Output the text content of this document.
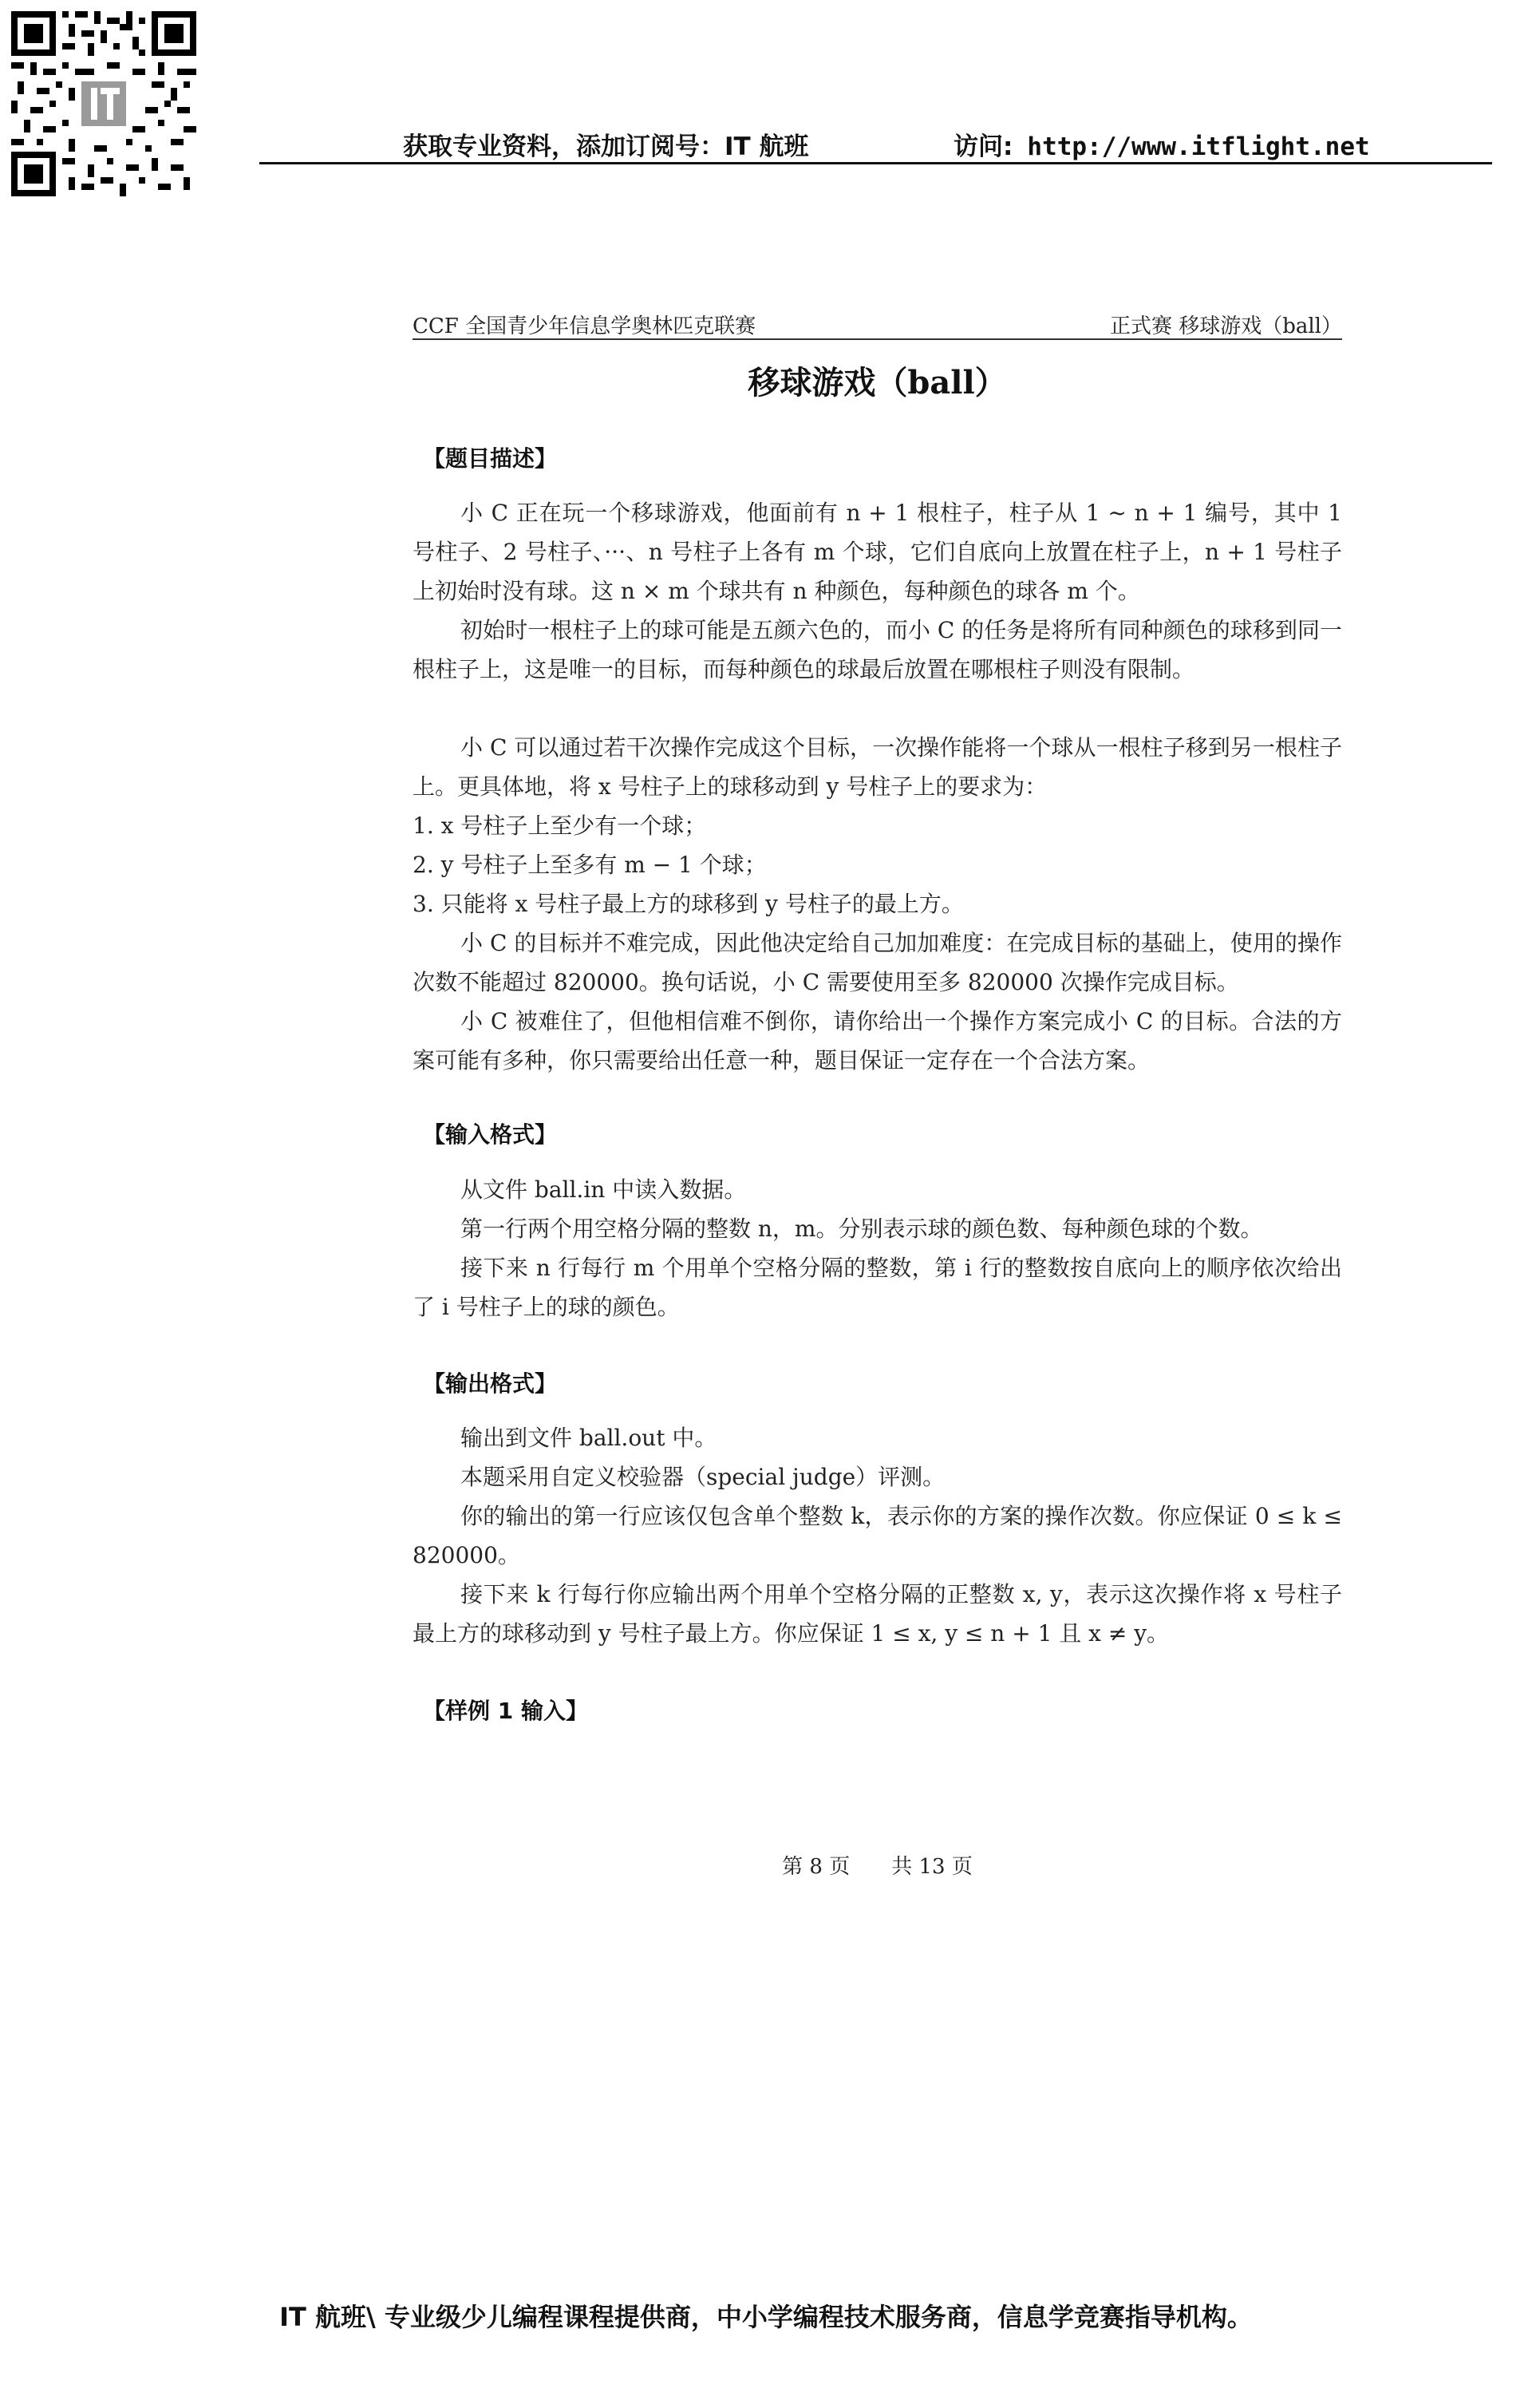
获取专业资料，添加订阅号：IT 航班	访问: http://www.itflight.net
CCF 全国青少年信息学奥林匹克联赛	正式赛 移球游戏（ball）
移球游戏（ball）
【题目描述】

小 C 正在玩一个移球游戏，他面前有 n + 1 根柱子，柱子从 1 ~ n + 1 编号，其中 1 号柱子、2 号柱子、···、n 号柱子上各有 m 个球，它们自底向上放置在柱子上，n + 1 号柱子上初始时没有球。这 n × m 个球共有 n 种颜色，每种颜色的球各 m 个。

初始时一根柱子上的球可能是五颜六色的，而小 C 的任务是将所有同种颜色的球移到同一根柱子上，这是唯一的目标，而每种颜色的球最后放置在哪根柱子则没有限制。

小 C 可以通过若干次操作完成这个目标，一次操作能将一个球从一根柱子移到另一根柱子上。更具体地，将 x 号柱子上的球移动到 y 号柱子上的要求为：

1. x 号柱子上至少有一个球；

2. y 号柱子上至多有 m − 1 个球；

3. 只能将 x 号柱子最上方的球移到 y 号柱子的最上方。

小 C 的目标并不难完成，因此他决定给自己加加难度：在完成目标的基础上，使用的操作次数不能超过 820000。换句话说，小 C 需要使用至多 820000 次操作完成目标。

小 C 被难住了，但他相信难不倒你，请你给出一个操作方案完成小 C 的目标。合法的方案可能有多种，你只需要给出任意一种，题目保证一定存在一个合法方案。

【输入格式】

从文件 ball.in 中读入数据。

第一行两个用空格分隔的整数 n，m。分别表示球的颜色数、每种颜色球的个数。

接下来 n 行每行 m 个用单个空格分隔的整数，第 i 行的整数按自底向上的顺序依次给出了 i 号柱子上的球的颜色。

【输出格式】

输出到文件 ball.out 中。

本题采用自定义校验器（special judge）评测。

你的输出的第一行应该仅包含单个整数 k，表示你的方案的操作次数。你应保证 0 ≤ k ≤ 820000。

接下来 k 行每行你应输出两个用单个空格分隔的正整数 x, y，表示这次操作将 x 号柱子最上方的球移动到 y 号柱子最上方。你应保证 1 ≤ x, y ≤ n + 1 且 x ≠ y。

【样例 1 输入】
第 8 页　　共 13 页
IT 航班\ 专业级少儿编程课程提供商，中小学编程技术服务商，信息学竞赛指导机构。
